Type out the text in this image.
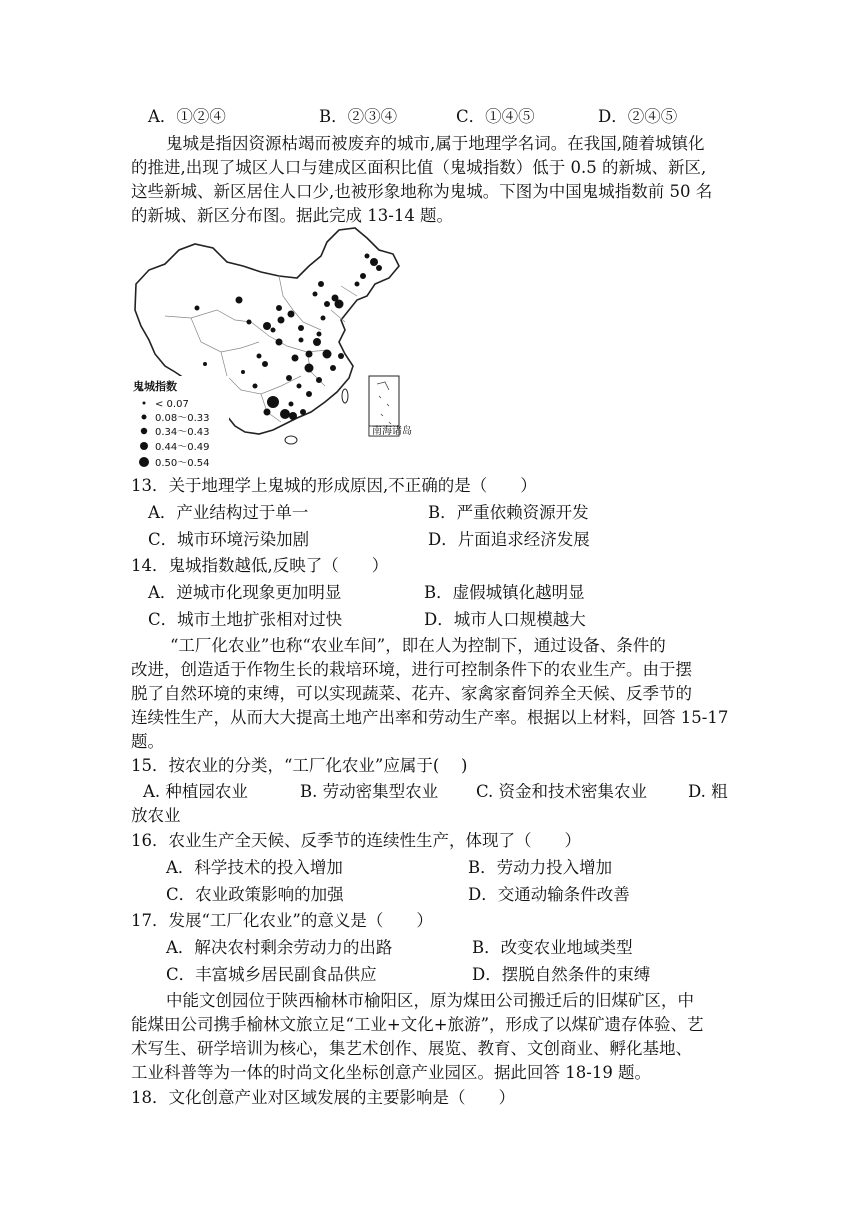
A．①②④	B．②③④	C．①④⑤	D．②④⑤
鬼城是指因资源枯竭而被废弃的城市,属于地理学名词。在我国,随着城镇化
的推进,出现了城区人口与建成区面积比值（鬼城指数）低于 0.5 的新城、新区,
这些新城、新区居住人口少,也被形象地称为鬼城。下图为中国鬼城指数前 50 名
的新城、新区分布图。据此完成 13-14 题。
南海诸岛
鬼城指数
< 0.07
0.08～0.33
0.34～0.43
0.44～0.49
0.50～0.54
13．关于地理学上鬼城的形成原因,不正确的是（　　）
A．产业结构过于单一	B．严重依赖资源开发
C．城市环境污染加剧	D．片面追求经济发展
14．鬼城指数越低,反映了（　　）
A．逆城市化现象更加明显	B．虚假城镇化越明显
C．城市土地扩张相对过快	D．城市人口规模越大
“工厂化农业”也称“农业车间”，即在人为控制下，通过设备、条件的
改进，创造适于作物生长的栽培环境，进行可控制条件下的农业生产。由于摆
脱了自然环境的束缚，可以实现蔬菜、花卉、家禽家畜饲养全天候、反季节的
连续性生产，从而大大提高土地产出率和劳动生产率。根据以上材料，回答 15-17
题。
15．按农业的分类，“工厂化农业”应属于(　 )
A. 种植园农业	B. 劳动密集型农业 C. 资金和技术密集农业 D. 粗
放农业
16．农业生产全天候、反季节的连续性生产，体现了（　　）
A．科学技术的投入增加	B．劳动力投入增加
C．农业政策影响的加强	D．交通动输条件改善
17．发展“工厂化农业”的意义是（　　）
A．解决农村剩余劳动力的出路	B．改变农业地域类型
C．丰富城乡居民副食品供应	D．摆脱自然条件的束缚
中能文创园位于陕西榆林市榆阳区，原为煤田公司搬迁后的旧煤矿区，中
能煤田公司携手榆林文旅立足“工业+文化+旅游”，形成了以煤矿遗存体验、艺
术写生、研学培训为核心，集艺术创作、展览、教育、文创商业、孵化基地、
工业科普等为一体的时尚文化坐标创意产业园区。据此回答 18-19 题。
18．文化创意产业对区域发展的主要影响是（　　）
